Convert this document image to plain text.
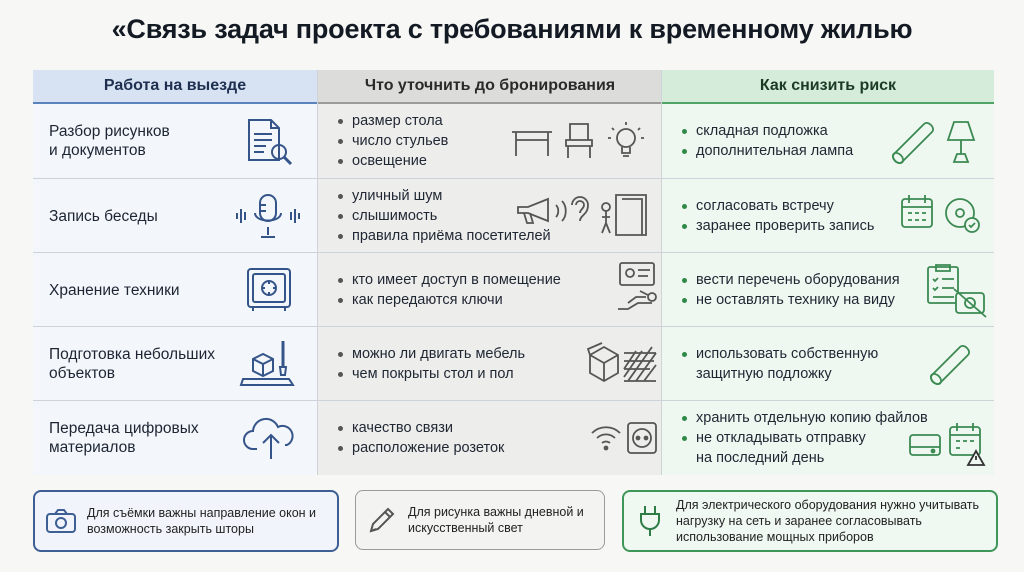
«Связь задач проекта с требованиями к временному жилью
Работа на выезде
Разбор рисунков
и документов
Запись беседы
Хранение техники
Подготовка небольших
объектов
Передача цифровых
материалов
Что уточнить до бронирования
размер стола
число стульев
освещение
уличный шум
слышимость
правила приёма посетителей
кто имеет доступ в помещение
как передаются ключи
можно ли двигать мебель
чем покрыты стол и пол
качество связи
расположение розеток
Как снизить риск
складная подложка
дополнительная лампа
согласовать встречу
заранее проверить запись
вести перечень оборудования
не оставлять технику на виду
использовать собственную
защитную подложку
хранить отдельную копию файлов
не откладывать отправку
на последний день
Для съёмки важны направление окон и возможность закрыть шторы
Для рисунка важны дневной и искусственный свет
Для электрического оборудования нужно учитывать нагрузку на сеть и заранее согласовывать использование мощных приборов
